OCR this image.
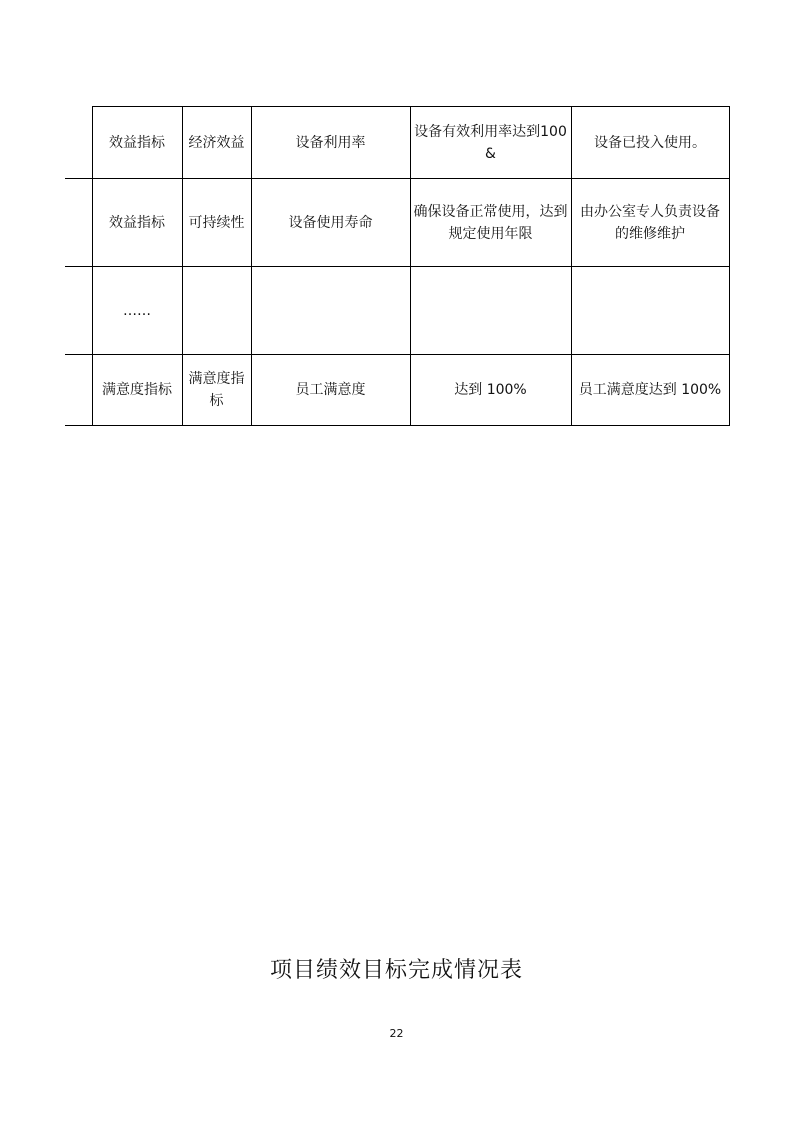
	效益指标	经济效益	设备利用率	设备有效利用率达到100&	设备已投入使用。
	效益指标	可持续性	设备使用寿命	确保设备正常使用，达到规定使用年限	由办公室专人负责设备的维修维护
	……				
	满意度指标	满意度指标	员工满意度	达到 100%	员工满意度达到 100%
项目绩效目标完成情况表
22
